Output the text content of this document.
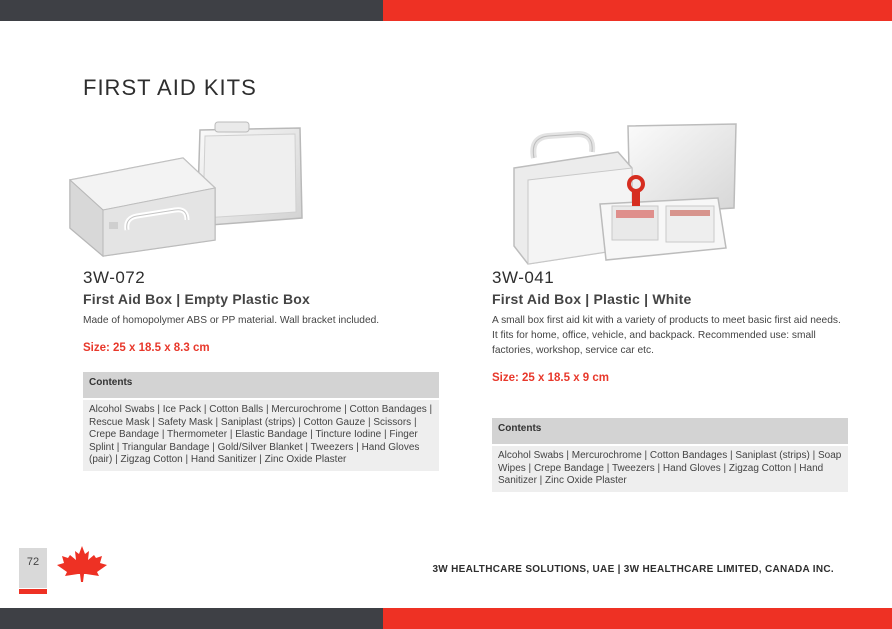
FIRST AID KITS
3W-072
First Aid Box | Empty Plastic Box
Made of homopolymer ABS or PP material. Wall bracket included.
Size: 25 x 18.5 x 8.3 cm
Contents
Alcohol Swabs | Ice Pack | Cotton Balls | Mercurochrome | Cotton Bandages | Rescue Mask | Safety Mask | Saniplast (strips) | Cotton Gauze | Scissors | Crepe Bandage | Thermometer | Elastic Bandage | Tincture Iodine | Finger Splint | Triangular Bandage | Gold/Silver Blanket | Tweezers | Hand Gloves (pair) | Zigzag Cotton | Hand Sanitizer | Zinc Oxide Plaster
3W-041
First Aid Box | Plastic | White
A small box first aid kit with a variety of products to meet basic first aid needs. It fits for home, office, vehicle, and backpack. Recommended use: small factories, workshop, service car etc.
Size: 25 x 18.5 x 9 cm
Contents
Alcohol Swabs | Mercurochrome | Cotton Bandages | Saniplast (strips) | Soap Wipes | Crepe Bandage | Tweezers | Hand Gloves | Zigzag Cotton | Hand Sanitizer | Zinc Oxide Plaster
72
3W HEALTHCARE SOLUTIONS, UAE | 3W HEALTHCARE LIMITED, CANADA INC.
